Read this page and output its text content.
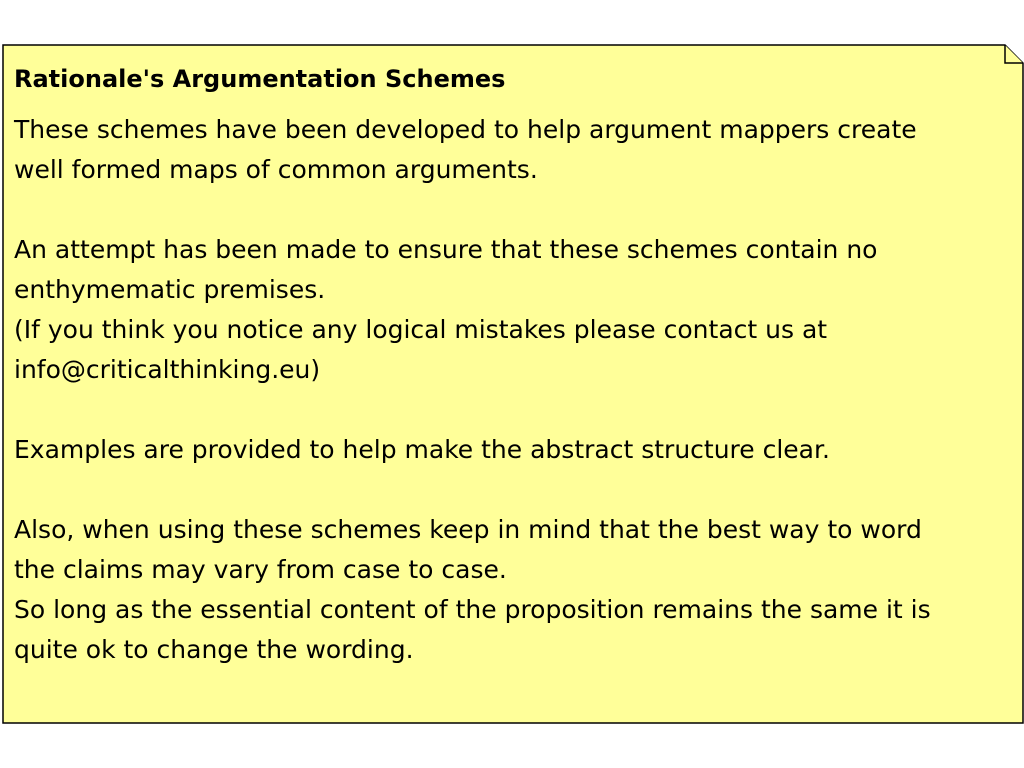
Rationale's Argumentation Schemes

These schemes have been developed to help argument mappers create

well formed maps of common arguments.

An attempt has been made to ensure that these schemes contain no

enthymematic premises.

(If you think you notice any logical mistakes please contact us at

info@criticalthinking.eu)

Examples are provided to help make the abstract structure clear.

Also, when using these schemes keep in mind that the best way to word

the claims may vary from case to case.

So long as the essential content of the proposition remains the same it is

quite ok to change the wording.
